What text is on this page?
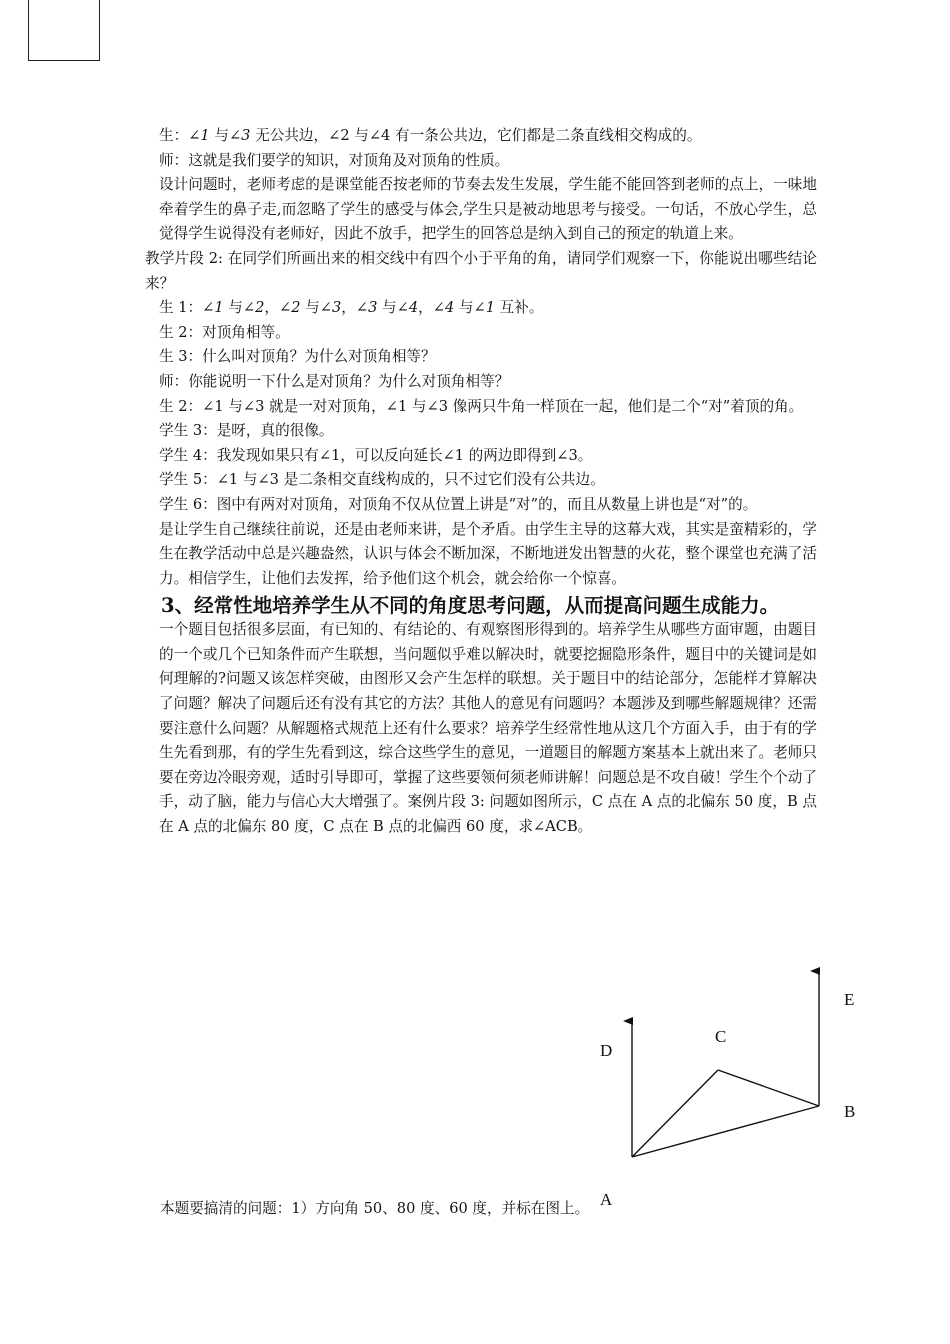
生：∠1 与∠3 无公共边，∠2 与∠4 有一条公共边，它们都是二条直线相交构成的。

师：这就是我们要学的知识，对顶角及对顶角的性质。

设计问题时，老师考虑的是课堂能否按老师的节奏去发生发展，学生能不能回答到老师的点上，一味地牵着学生的鼻子走,而忽略了学生的感受与体会,学生只是被动地思考与接受。一句话，不放心学生，总觉得学生说得没有老师好，因此不放手，把学生的回答总是纳入到自己的预定的轨道上来。

教学片段 2: 在同学们所画出来的相交线中有四个小于平角的角，请同学们观察一下，你能说出哪些结论来？

生 1：∠1 与∠2，∠2 与∠3，∠3 与∠4，∠4 与∠1 互补。

生 2：对顶角相等。

生 3：什么叫对顶角？为什么对顶角相等？

师：你能说明一下什么是对顶角？为什么对顶角相等？

生 2：∠1 与∠3 就是一对对顶角，∠1 与∠3 像两只牛角一样顶在一起，他们是二个“对”着顶的角。

学生 3：是呀，真的很像。

学生 4：我发现如果只有∠1，可以反向延长∠1 的两边即得到∠3。

学生 5：∠1 与∠3 是二条相交直线构成的，只不过它们没有公共边。

学生 6：图中有两对对顶角，对顶角不仅从位置上讲是“对”的，而且从数量上讲也是“对”的。

是让学生自己继续往前说，还是由老师来讲，是个矛盾。由学生主导的这幕大戏，其实是蛮精彩的，学生在教学活动中总是兴趣盎然，认识与体会不断加深，不断地迸发出智慧的火花，整个课堂也充满了活力。相信学生，让他们去发挥，给予他们这个机会，就会给你一个惊喜。

3、经常性地培养学生从不同的角度思考问题，从而提高问题生成能力。

一个题目包括很多层面，有已知的、有结论的、有观察图形得到的。培养学生从哪些方面审题，由题目的一个或几个已知条件而产生联想，当问题似乎难以解决时，就要挖掘隐形条件，题目中的关键词是如何理解的?问题又该怎样突破，由图形又会产生怎样的联想。关于题目中的结论部分，怎能样才算解决了问题？解决了问题后还有没有其它的方法？其他人的意见有问题吗？本题涉及到哪些解题规律？还需要注意什么问题？从解题格式规范上还有什么要求？培养学生经常性地从这几个方面入手，由于有的学生先看到那，有的学生先看到这，综合这些学生的意见，一道题目的解题方案基本上就出来了。老师只要在旁边冷眼旁观，适时引导即可，掌握了这些要领何须老师讲解！问题总是不攻自破！学生个个动了手，动了脑，能力与信心大大增强了。案例片段 3: 问题如图所示，C 点在 A 点的北偏东 50 度，B 点在 A 点的北偏东 80 度，C 点在 B 点的北偏西 60 度，求∠ACB。

A
B
C
D
E

本题要搞清的问题：1）方向角 50、80 度、60 度，并标在图上。
